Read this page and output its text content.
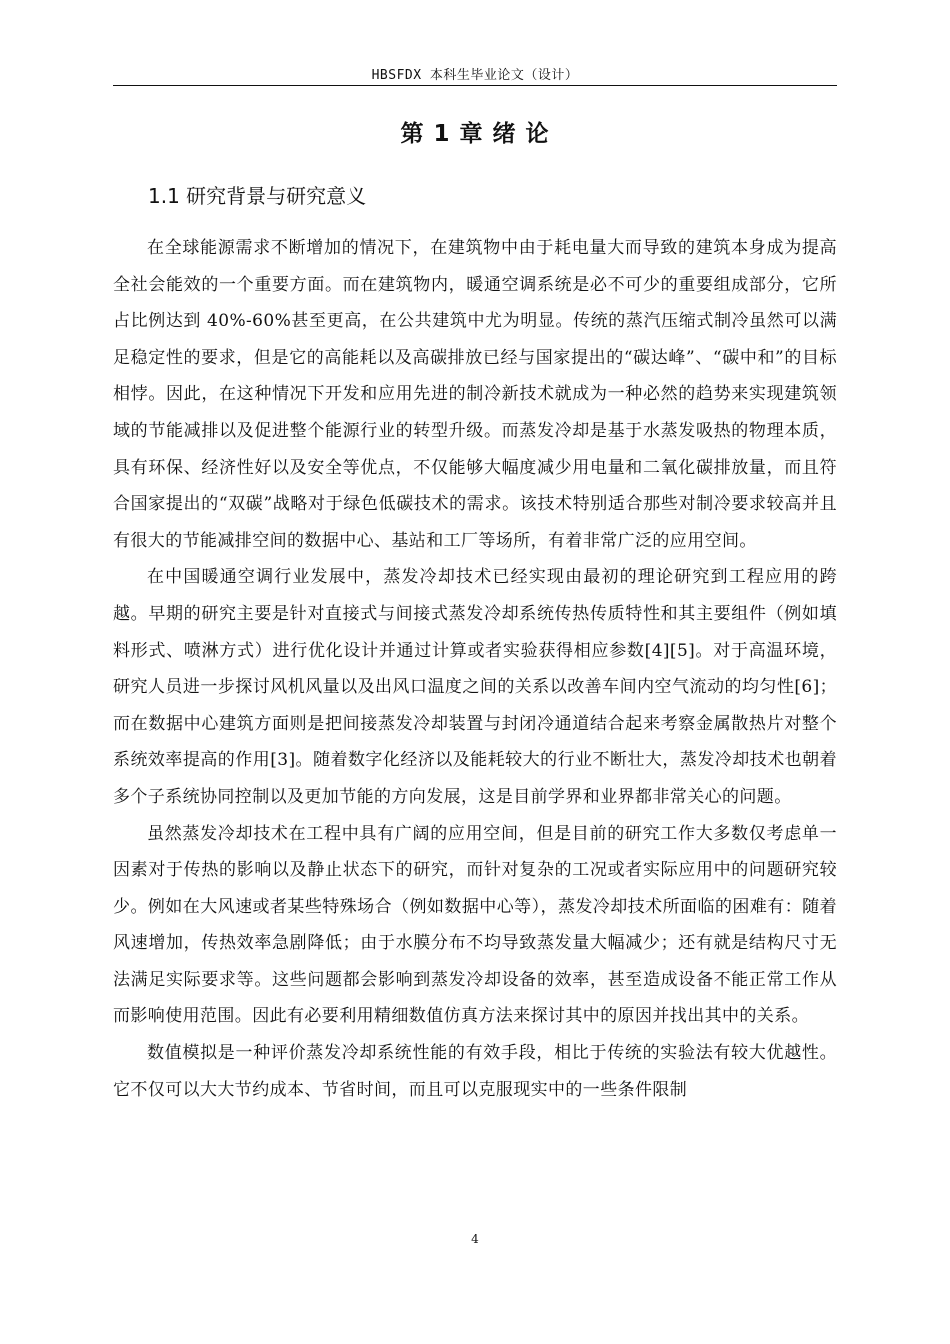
HBSFDX 本科生毕业论文（设计）
第 1 章 绪 论
1.1 研究背景与研究意义

在全球能源需求不断增加的情况下，在建筑物中由于耗电量大而导致的建筑本身成为提高全社会能效的一个重要方面。而在建筑物内，暖通空调系统是必不可少的重要组成部分，它所占比例达到 40%-60%甚至更高，在公共建筑中尤为明显。传统的蒸汽压缩式制冷虽然可以满足稳定性的要求，但是它的高能耗以及高碳排放已经与国家提出的“碳达峰”、“碳中和”的目标相悖。因此，在这种情况下开发和应用先进的制冷新技术就成为一种必然的趋势来实现建筑领域的节能减排以及促进整个能源行业的转型升级。而蒸发冷却是基于水蒸发吸热的物理本质，具有环保、经济性好以及安全等优点，不仅能够大幅度减少用电量和二氧化碳排放量，而且符合国家提出的“双碳”战略对于绿色低碳技术的需求。该技术特别适合那些对制冷要求较高并且有很大的节能减排空间的数据中心、基站和工厂等场所，有着非常广泛的应用空间。

在中国暖通空调行业发展中，蒸发冷却技术已经实现由最初的理论研究到工程应用的跨越。早期的研究主要是针对直接式与间接式蒸发冷却系统传热传质特性和其主要组件（例如填料形式、喷淋方式）进行优化设计并通过计算或者实验获得相应参数[4][5]。对于高温环境，研究人员进一步探讨风机风量以及出风口温度之间的关系以改善车间内空气流动的均匀性[6]；而在数据中心建筑方面则是把间接蒸发冷却装置与封闭冷通道结合起来考察金属散热片对整个系统效率提高的作用[3]。随着数字化经济以及能耗较大的行业不断壮大，蒸发冷却技术也朝着多个子系统协同控制以及更加节能的方向发展，这是目前学界和业界都非常关心的问题。

虽然蒸发冷却技术在工程中具有广阔的应用空间，但是目前的研究工作大多数仅考虑单一因素对于传热的影响以及静止状态下的研究，而针对复杂的工况或者实际应用中的问题研究较少。例如在大风速或者某些特殊场合（例如数据中心等），蒸发冷却技术所面临的困难有：随着风速增加，传热效率急剧降低；由于水膜分布不均导致蒸发量大幅减少；还有就是结构尺寸无法满足实际要求等。这些问题都会影响到蒸发冷却设备的效率，甚至造成设备不能正常工作从而影响使用范围。因此有必要利用精细数值仿真方法来探讨其中的原因并找出其中的关系。

数值模拟是一种评价蒸发冷却系统性能的有效手段，相比于传统的实验法有较大优越性。它不仅可以大大节约成本、节省时间，而且可以克服现实中的一些条件限制

4
